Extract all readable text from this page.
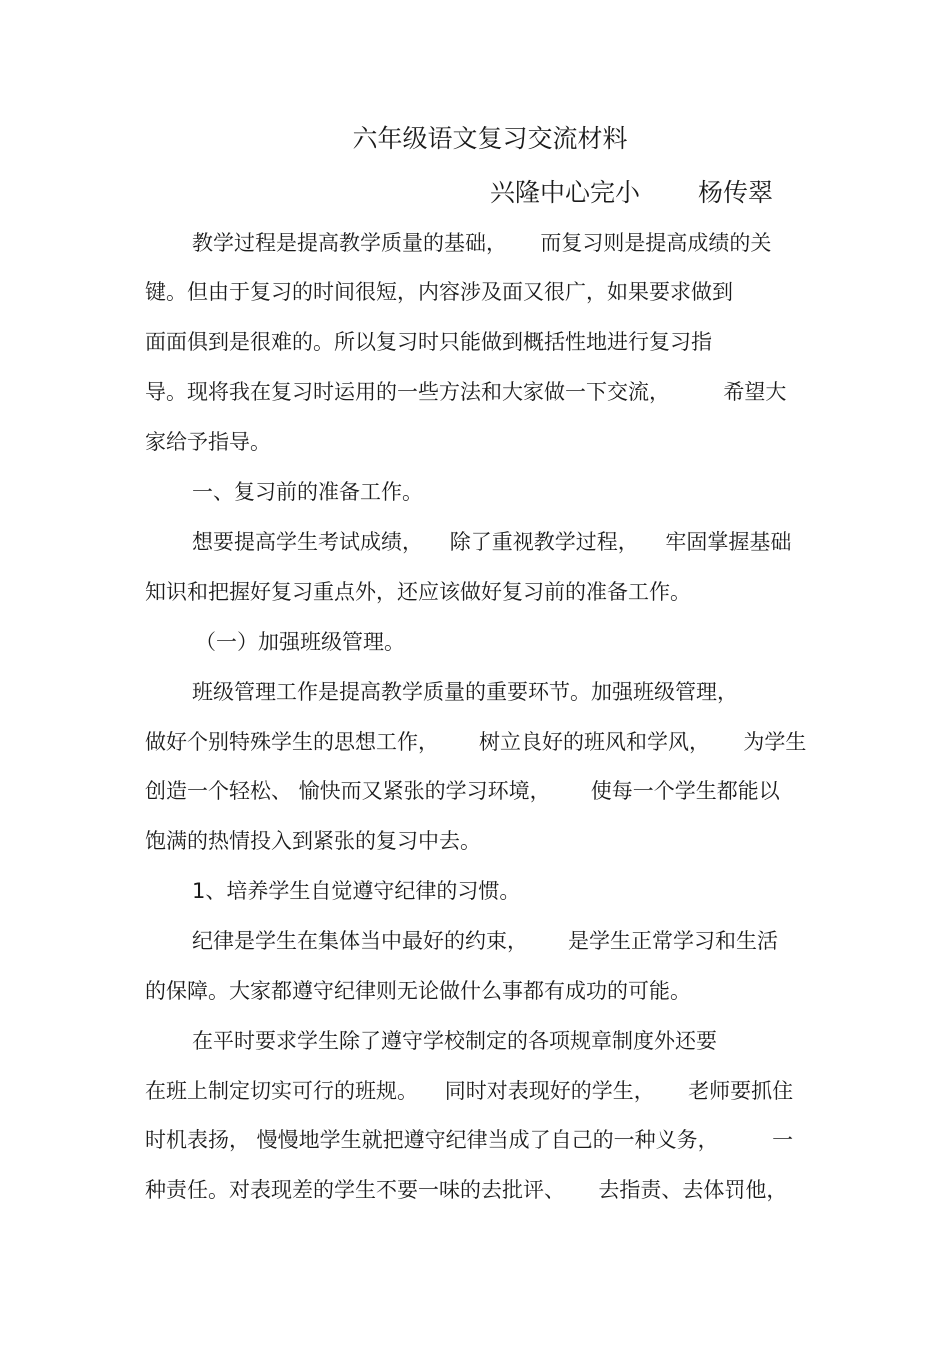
六年级语文复习交流材料
兴隆中心完小 杨传翠
教学过程是提高教学质量的基础，     而复习则是提高成绩的关
键。但由于复习的时间很短，内容涉及面又很广，如果要求做到
面面俱到是很难的。所以复习时只能做到概括性地进行复习指
导。现将我在复习时运用的一些方法和大家做一下交流，        希望大
家给予指导。
一、复习前的准备工作。
想要提高学生考试成绩，    除了重视教学过程，    牢固掌握基础
知识和把握好复习重点外，还应该做好复习前的准备工作。
（一）加强班级管理。
班级管理工作是提高教学质量的重要环节。加强班级管理，
做好个别特殊学生的思想工作，      树立良好的班风和学风，     为学生
创造一个轻松、 愉快而又紧张的学习环境，      使每一个学生都能以
饱满的热情投入到紧张的复习中去。
1、培养学生自觉遵守纪律的习惯。
纪律是学生在集体当中最好的约束，      是学生正常学习和生活
的保障。大家都遵守纪律则无论做什么事都有成功的可能。
在平时要求学生除了遵守学校制定的各项规章制度外还要
在班上制定切实可行的班规。    同时对表现好的学生，     老师要抓住
时机表扬， 慢慢地学生就把遵守纪律当成了自己的一种义务，        一
种责任。对表现差的学生不要一味的去批评、     去指责、去体罚他，
